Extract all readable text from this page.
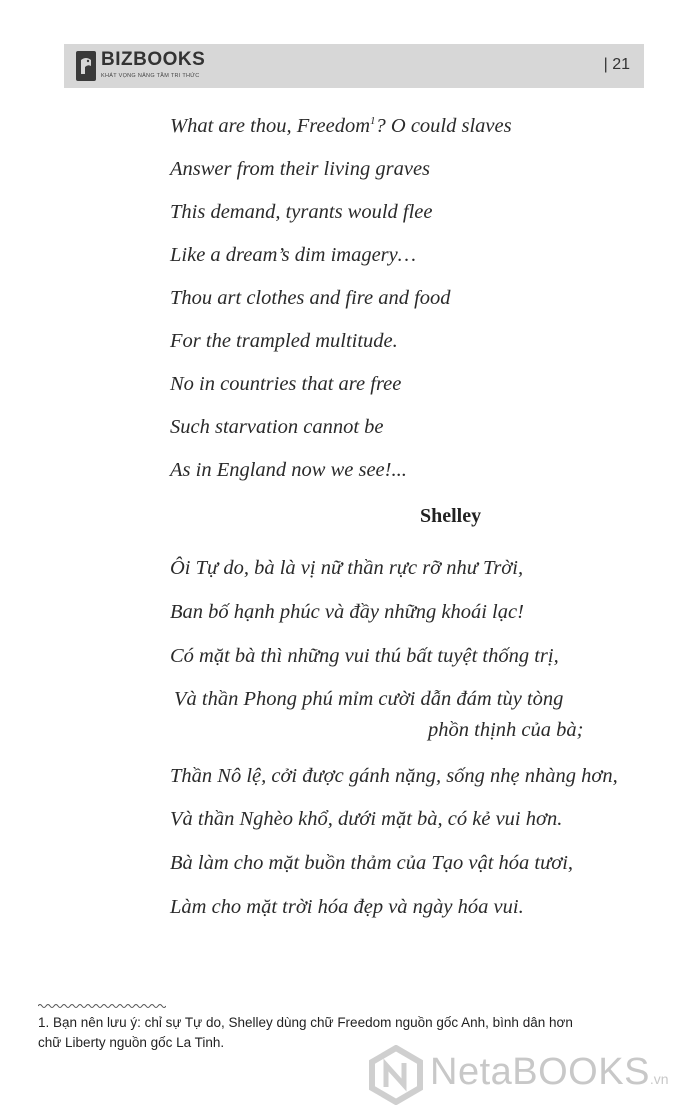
BIZBOOKS
KHÁT VỌNG NÂNG TẦM TRI THỨC
| 21
What are thou, Freedom$^1$? O could slaves
Answer from their living graves
This demand, tyrants would flee
Like a dream’s dim imagery…
Thou art clothes and fire and food
For the trampled multitude.
No in countries that are free
Such starvation cannot be
As in England now we see!...
Shelley
Ôi Tự do, bà là vị nữ thần rực rỡ như Trời,
Ban bố hạnh phúc và đầy những khoái lạc!
Có mặt bà thì những vui thú bất tuyệt thống trị,
Và thần Phong phú mỉm cười dẫn đám tùy tòng
phồn thịnh của bà;
Thần Nô lệ, cởi được gánh nặng, sống nhẹ nhàng hơn,
Và thần Nghèo khổ, dưới mặt bà, có kẻ vui hơn.
Bà làm cho mặt buồn thảm của Tạo vật hóa tươi,
Làm cho mặt trời hóa đẹp và ngày hóa vui.
1. Bạn nên lưu ý: chỉ sự Tự do, Shelley dùng chữ Freedom nguồn gốc Anh, bình dân hơn
chữ Liberty nguồn gốc La Tinh.
NetaBOOKS.vn
